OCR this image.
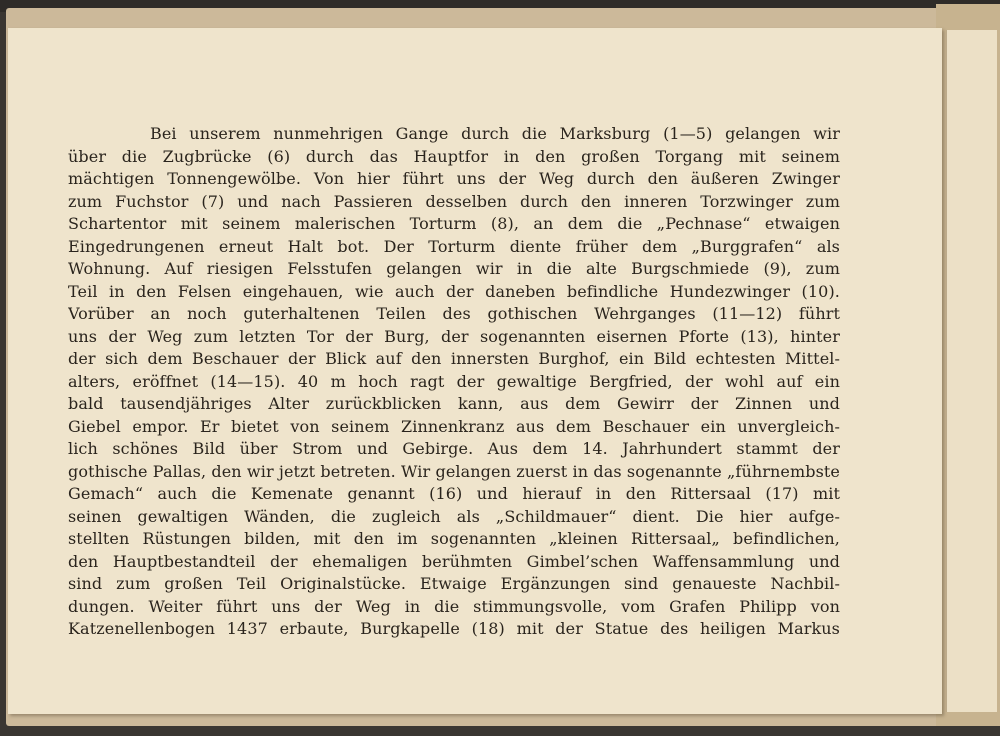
Bei unserem nunmehrigen Gange durch die Marksburg (1—5) gelangen wir
über die Zugbrücke (6) durch das Hauptfor in den großen Torgang mit seinem
mächtigen Tonnengewölbe. Von hier führt uns der Weg durch den äußeren Zwinger
zum Fuchstor (7) und nach Passieren desselben durch den inneren Torzwinger zum
Schartentor mit seinem malerischen Torturm (8), an dem die „Pechnase“ etwaigen
Eingedrungenen erneut Halt bot. Der Torturm diente früher dem „Burggrafen“ als
Wohnung. Auf riesigen Felsstufen gelangen wir in die alte Burgschmiede (9), zum
Teil in den Felsen eingehauen, wie auch der daneben befindliche Hundezwinger (10).
Vorüber an noch guterhaltenen Teilen des gothischen Wehrganges (11—12) führt
uns der Weg zum letzten Tor der Burg, der sogenannten eisernen Pforte (13), hinter
der sich dem Beschauer der Blick auf den innersten Burghof, ein Bild echtesten Mittel-
alters, eröffnet (14—15). 40 m hoch ragt der gewaltige Bergfried, der wohl auf ein
bald tausendjähriges Alter zurückblicken kann, aus dem Gewirr der Zinnen und
Giebel empor. Er bietet von seinem Zinnenkranz aus dem Beschauer ein unvergleich-
lich schönes Bild über Strom und Gebirge. Aus dem 14. Jahrhundert stammt der
gothische Pallas, den wir jetzt betreten. Wir gelangen zuerst in das sogenannte „führnembste
Gemach“ auch die Kemenate genannt (16) und hierauf in den Rittersaal (17) mit
seinen gewaltigen Wänden, die zugleich als „Schildmauer“ dient. Die hier aufge-
stellten Rüstungen bilden, mit den im sogenannten „kleinen Rittersaal„ befindlichen,
den Hauptbestandteil der ehemaligen berühmten Gimbel’schen Waffensammlung und
sind zum großen Teil Originalstücke. Etwaige Ergänzungen sind genaueste Nachbil-
dungen. Weiter führt uns der Weg in die stimmungsvolle, vom Grafen Philipp von
Katzenellenbogen 1437 erbaute, Burgkapelle (18) mit der Statue des heiligen Markus
